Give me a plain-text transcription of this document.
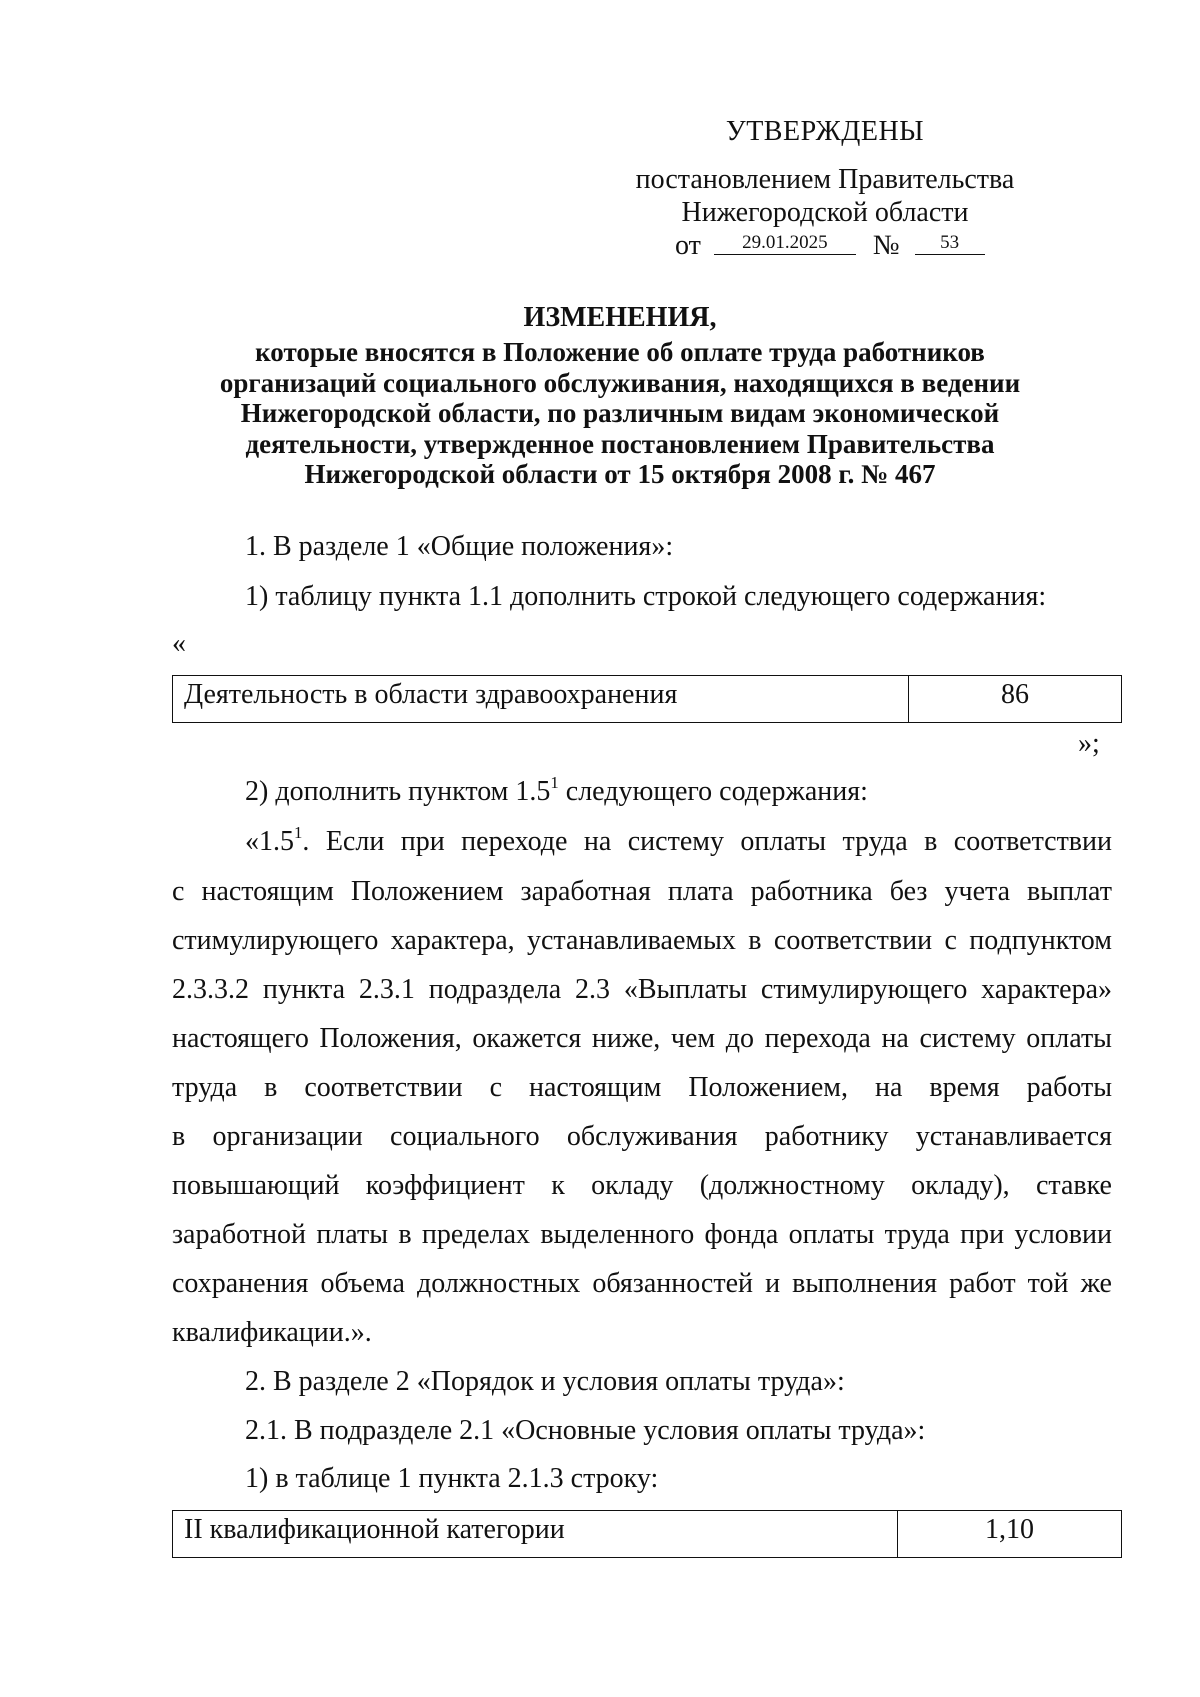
УТВЕРЖДЕНЫ
постановлением Правительства
Нижегородской области
от 29.01.2025 № 53
ИЗМЕНЕНИЯ,
которые вносятся в Положение об оплате труда работников
организаций социального обслуживания, находящихся в ведении
Нижегородской области, по различным видам экономической
деятельности, утвержденное постановлением Правительства
Нижегородской области от 15 октября 2008 г. № 467
1. В разделе 1 «Общие положения»:
1) таблицу пункта 1.1 дополнить строкой следующего содержания:
«
Деятельность в области здравоохранения	86
»;
2) дополнить пунктом $1.5^1$ следующего содержания:
«$1.5^1$ . Если при переходе на систему оплаты труда в соответствии
с настоящим Положением заработная плата работника без учета выплат
стимулирующего характера, устанавливаемых в соответствии с подпунктом
2.3.3.2 пункта 2.3.1 подраздела 2.3 «Выплаты стимулирующего характера»
настоящего Положения, окажется ниже, чем до перехода на систему оплаты
труда в соответствии с настоящим Положением, на время работы
в организации социального обслуживания работнику устанавливается
повышающий коэффициент к окладу (должностному окладу), ставке
заработной платы в пределах выделенного фонда оплаты труда при условии
сохранения объема должностных обязанностей и выполнения работ той же
квалификации.».
2. В разделе 2 «Порядок и условия оплаты труда»:
2.1. В подразделе 2.1 «Основные условия оплаты труда»:
1) в таблице 1 пункта 2.1.3 строку:
II квалификационной категории	1,10
